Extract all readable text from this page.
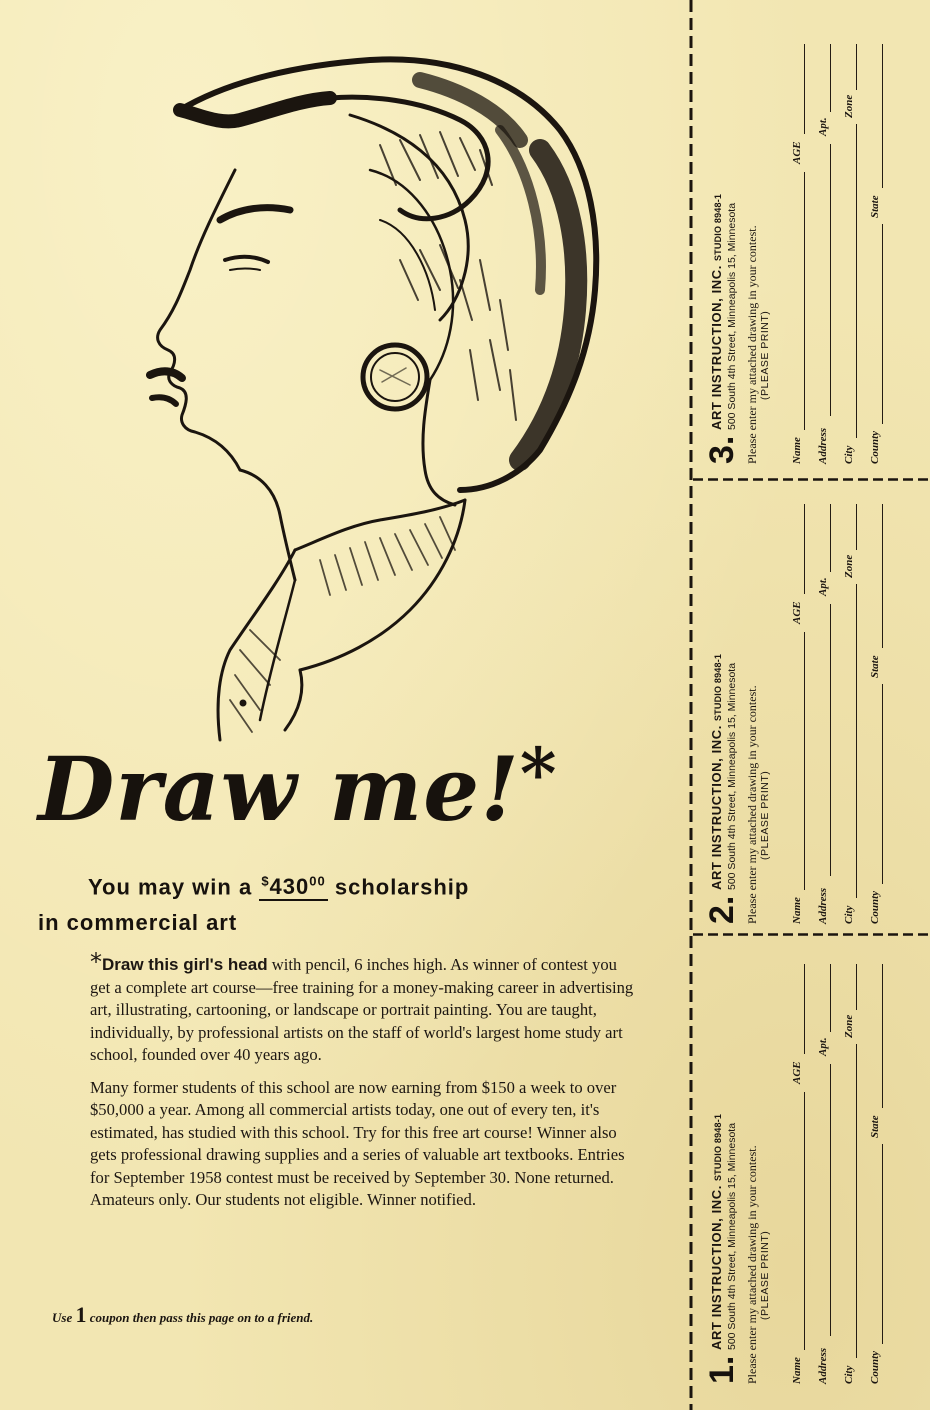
Draw me!*
You may win a $^{\$}430^{00}$ scholarship
in commercial art

*Draw this girl's head with pencil, 6 inches high. As winner of contest you get a complete art course—free training for a money-making career in advertising art, illustrating, cartooning, or landscape or portrait painting. You are taught, individually, by professional artists on the staff of world's largest home study art school, founded over 40 years ago.

Many former students of this school are now earning from $150 a week to over $50,000 a year. Among all commercial artists today, one out of every ten, it's estimated, has studied with this school. Try for this free art course! Winner also gets professional drawing supplies and a series of valuable art textbooks. Entries for September 1958 contest must be received by September 30. None returned. Amateurs only. Our students not eligible. Winner notified.

Use 1 coupon then pass this page on to a friend.
3.
ART INSTRUCTION, INC.STUDIO 8948-1 500 South 4th Street, Minneapolis 15, Minnesota Please enter my attached drawing in your contest. (PLEASE PRINT)
Name
AGE
Address
Apt.
City
Zone
County
State
2.
ART INSTRUCTION, INC.STUDIO 8948-1 500 South 4th Street, Minneapolis 15, Minnesota Please enter my attached drawing in your contest. (PLEASE PRINT)
Name
AGE
Address
Apt.
City
Zone
County
State
1.
ART INSTRUCTION, INC.STUDIO 8948-1 500 South 4th Street, Minneapolis 15, Minnesota Please enter my attached drawing in your contest. (PLEASE PRINT)
Name
AGE
Address
Apt.
City
Zone
County
State
